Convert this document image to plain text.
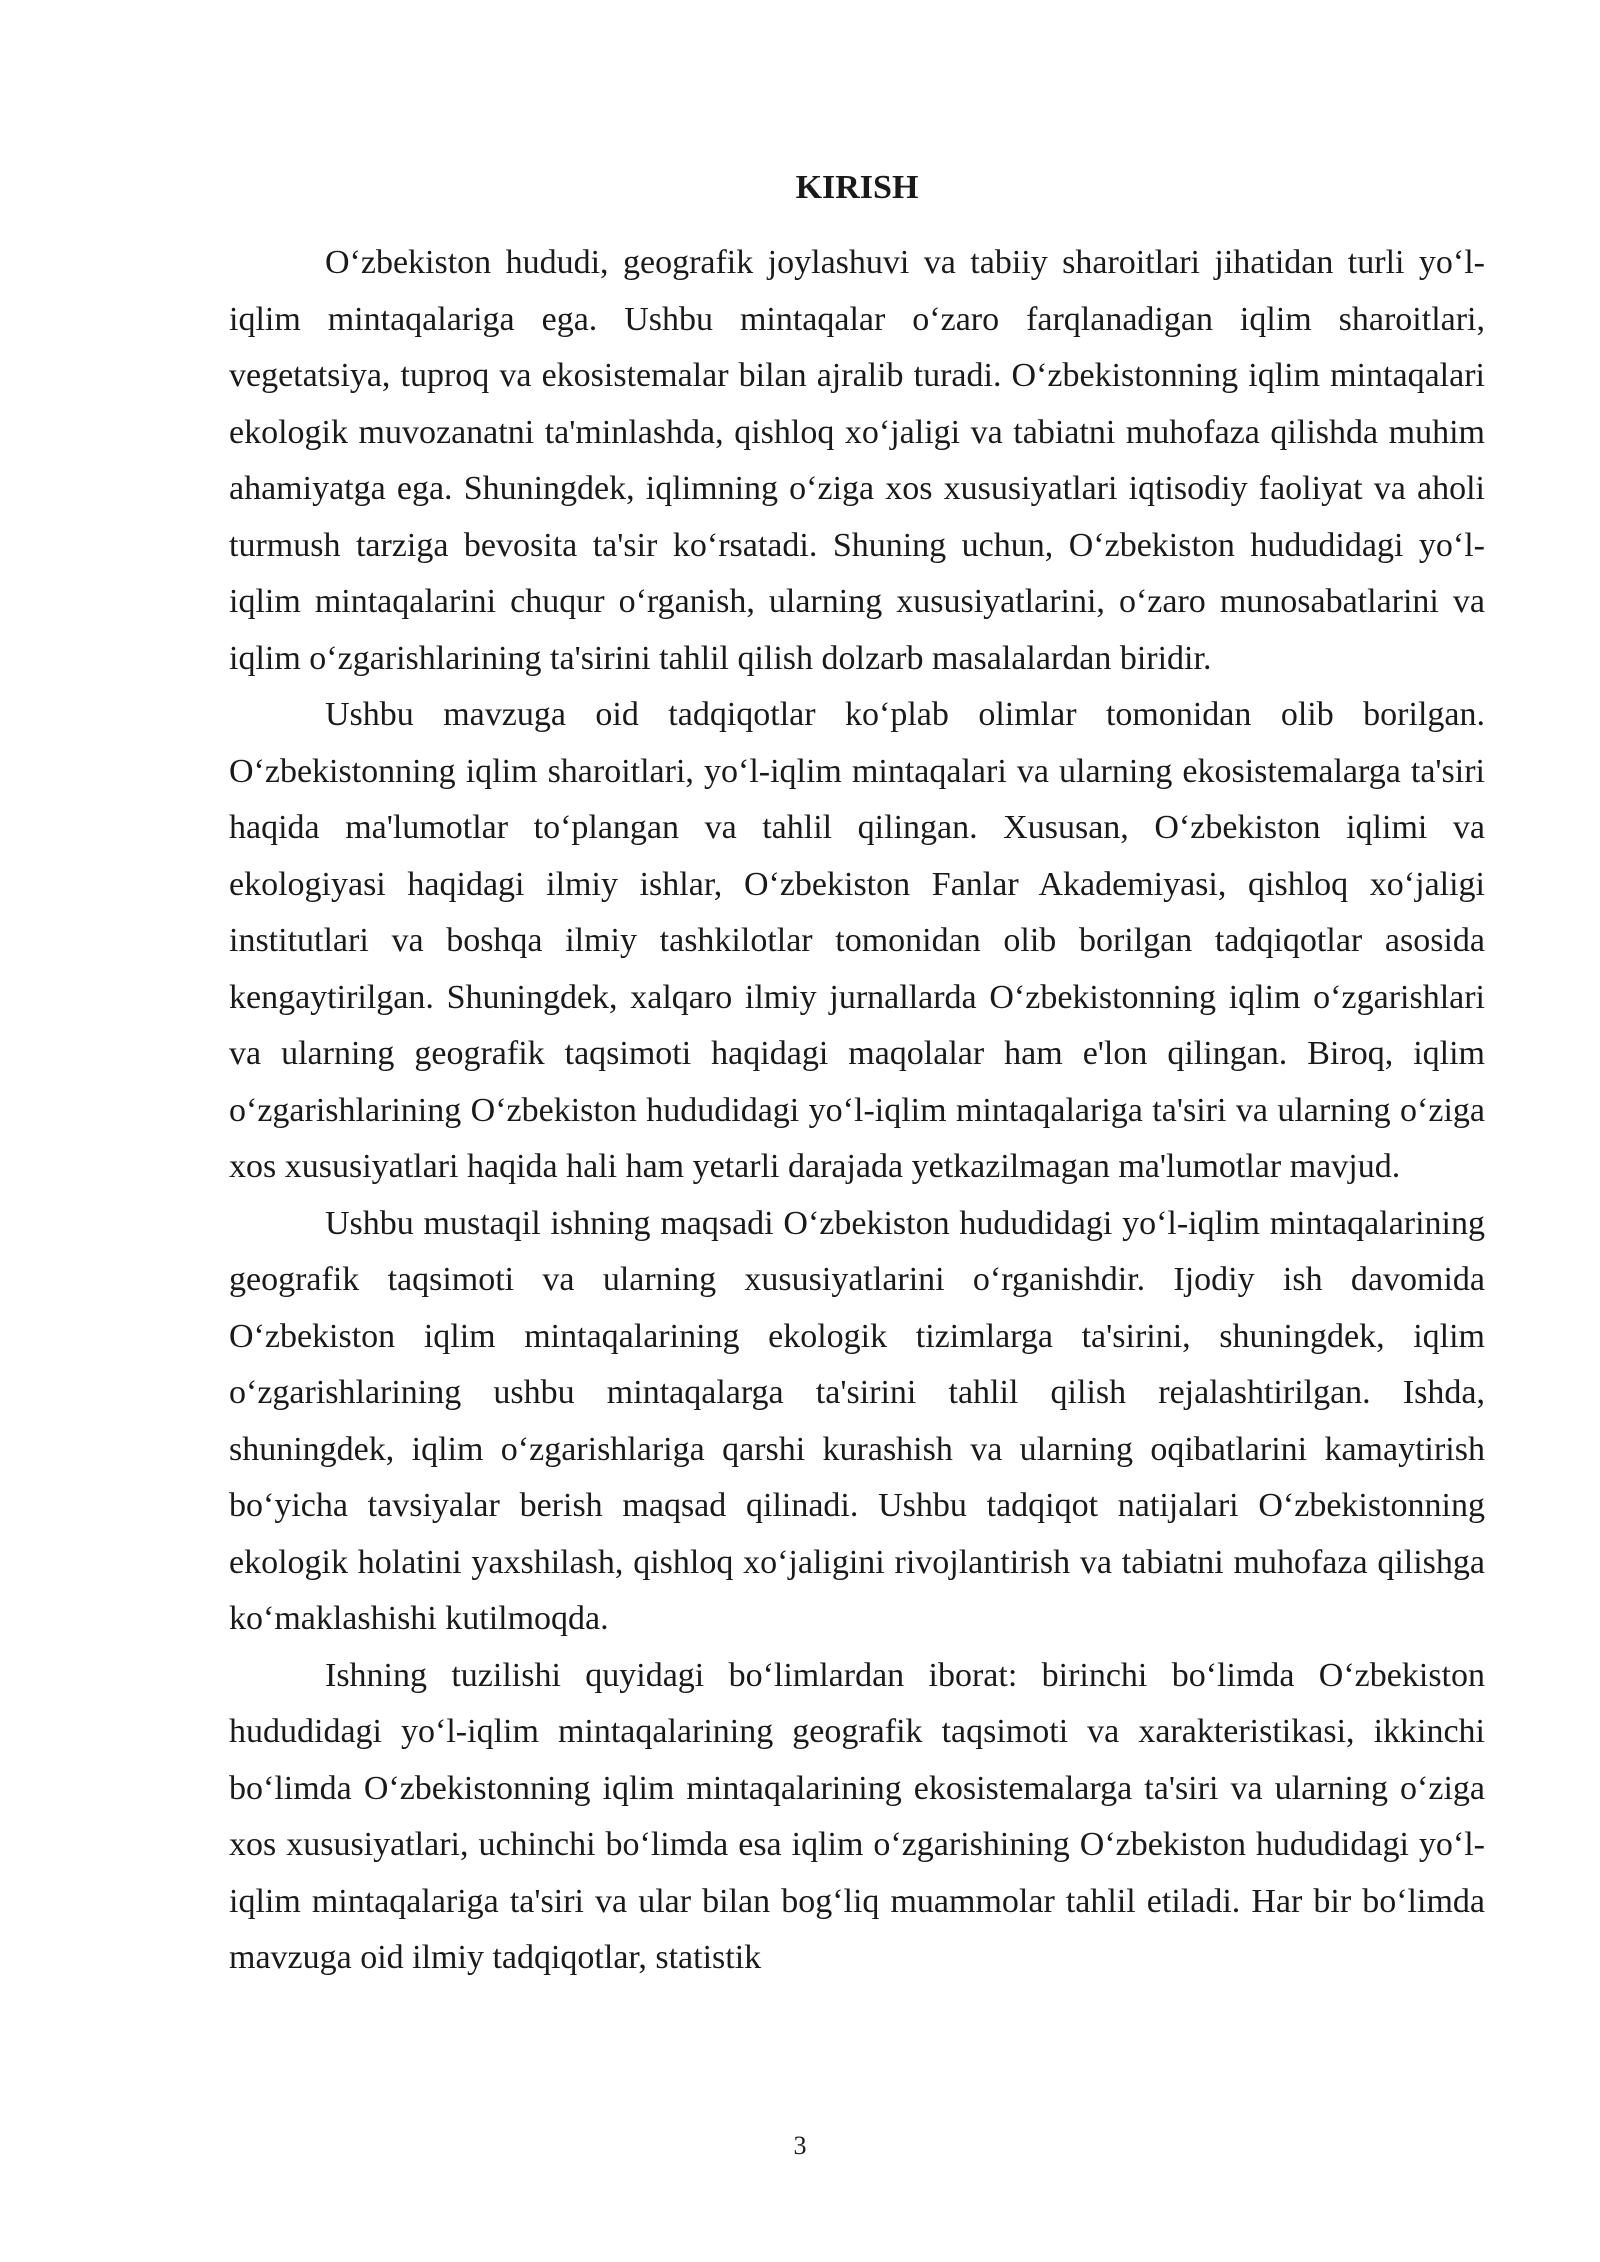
KIRISH

O‘zbekiston hududi, geografik joylashuvi va tabiiy sharoitlari jihatidan turli yo‘l-iqlim mintaqalariga ega. Ushbu mintaqalar o‘zaro farqlanadigan iqlim sharoitlari, vegetatsiya, tuproq va ekosistemalar bilan ajralib turadi. O‘zbekistonning iqlim mintaqalari ekologik muvozanatni ta'minlashda, qishloq xo‘jaligi va tabiatni muhofaza qilishda muhim ahamiyatga ega. Shuningdek, iqlimning o‘ziga xos xususiyatlari iqtisodiy faoliyat va aholi turmush tarziga bevosita ta'sir ko‘rsatadi. Shuning uchun, O‘zbekiston hududidagi yo‘l-iqlim mintaqalarini chuqur o‘rganish, ularning xususiyatlarini, o‘zaro munosabatlarini va iqlim o‘zgarishlarining ta'sirini tahlil qilish dolzarb masalalardan biridir.

Ushbu mavzuga oid tadqiqotlar ko‘plab olimlar tomonidan olib borilgan. O‘zbekistonning iqlim sharoitlari, yo‘l-iqlim mintaqalari va ularning ekosistemalarga ta'siri haqida ma'lumotlar to‘plangan va tahlil qilingan. Xususan, O‘zbekiston iqlimi va ekologiyasi haqidagi ilmiy ishlar, O‘zbekiston Fanlar Akademiyasi, qishloq xo‘jaligi institutlari va boshqa ilmiy tashkilotlar tomonidan olib borilgan tadqiqotlar asosida kengaytirilgan. Shuningdek, xalqaro ilmiy jurnallarda O‘zbekistonning iqlim o‘zgarishlari va ularning geografik taqsimoti haqidagi maqolalar ham e'lon qilingan. Biroq, iqlim o‘zgarishlarining O‘zbekiston hududidagi yo‘l-iqlim mintaqalariga ta'siri va ularning o‘ziga xos xususiyatlari haqida hali ham yetarli darajada yetkazilmagan ma'lumotlar mavjud.

Ushbu mustaqil ishning maqsadi O‘zbekiston hududidagi yo‘l-iqlim mintaqalarining geografik taqsimoti va ularning xususiyatlarini o‘rganishdir. Ijodiy ish davomida O‘zbekiston iqlim mintaqalarining ekologik tizimlarga ta'sirini, shuningdek, iqlim o‘zgarishlarining ushbu mintaqalarga ta'sirini tahlil qilish rejalashtirilgan. Ishda, shuningdek, iqlim o‘zgarishlariga qarshi kurashish va ularning oqibatlarini kamaytirish bo‘yicha tavsiyalar berish maqsad qilinadi. Ushbu tadqiqot natijalari O‘zbekistonning ekologik holatini yaxshilash, qishloq xo‘jaligini rivojlantirish va tabiatni muhofaza qilishga ko‘maklashishi kutilmoqda.

Ishning tuzilishi quyidagi bo‘limlardan iborat: birinchi bo‘limda O‘zbekiston hududidagi yo‘l-iqlim mintaqalarining geografik taqsimoti va xarakteristikasi, ikkinchi bo‘limda O‘zbekistonning iqlim mintaqalarining ekosistemalarga ta'siri va ularning o‘ziga xos xususiyatlari, uchinchi bo‘limda esa iqlim o‘zgarishining O‘zbekiston hududidagi yo‘l-iqlim mintaqalariga ta'siri va ular bilan bog‘liq muammolar tahlil etiladi. Har bir bo‘limda mavzuga oid ilmiy tadqiqotlar, statistik

3
